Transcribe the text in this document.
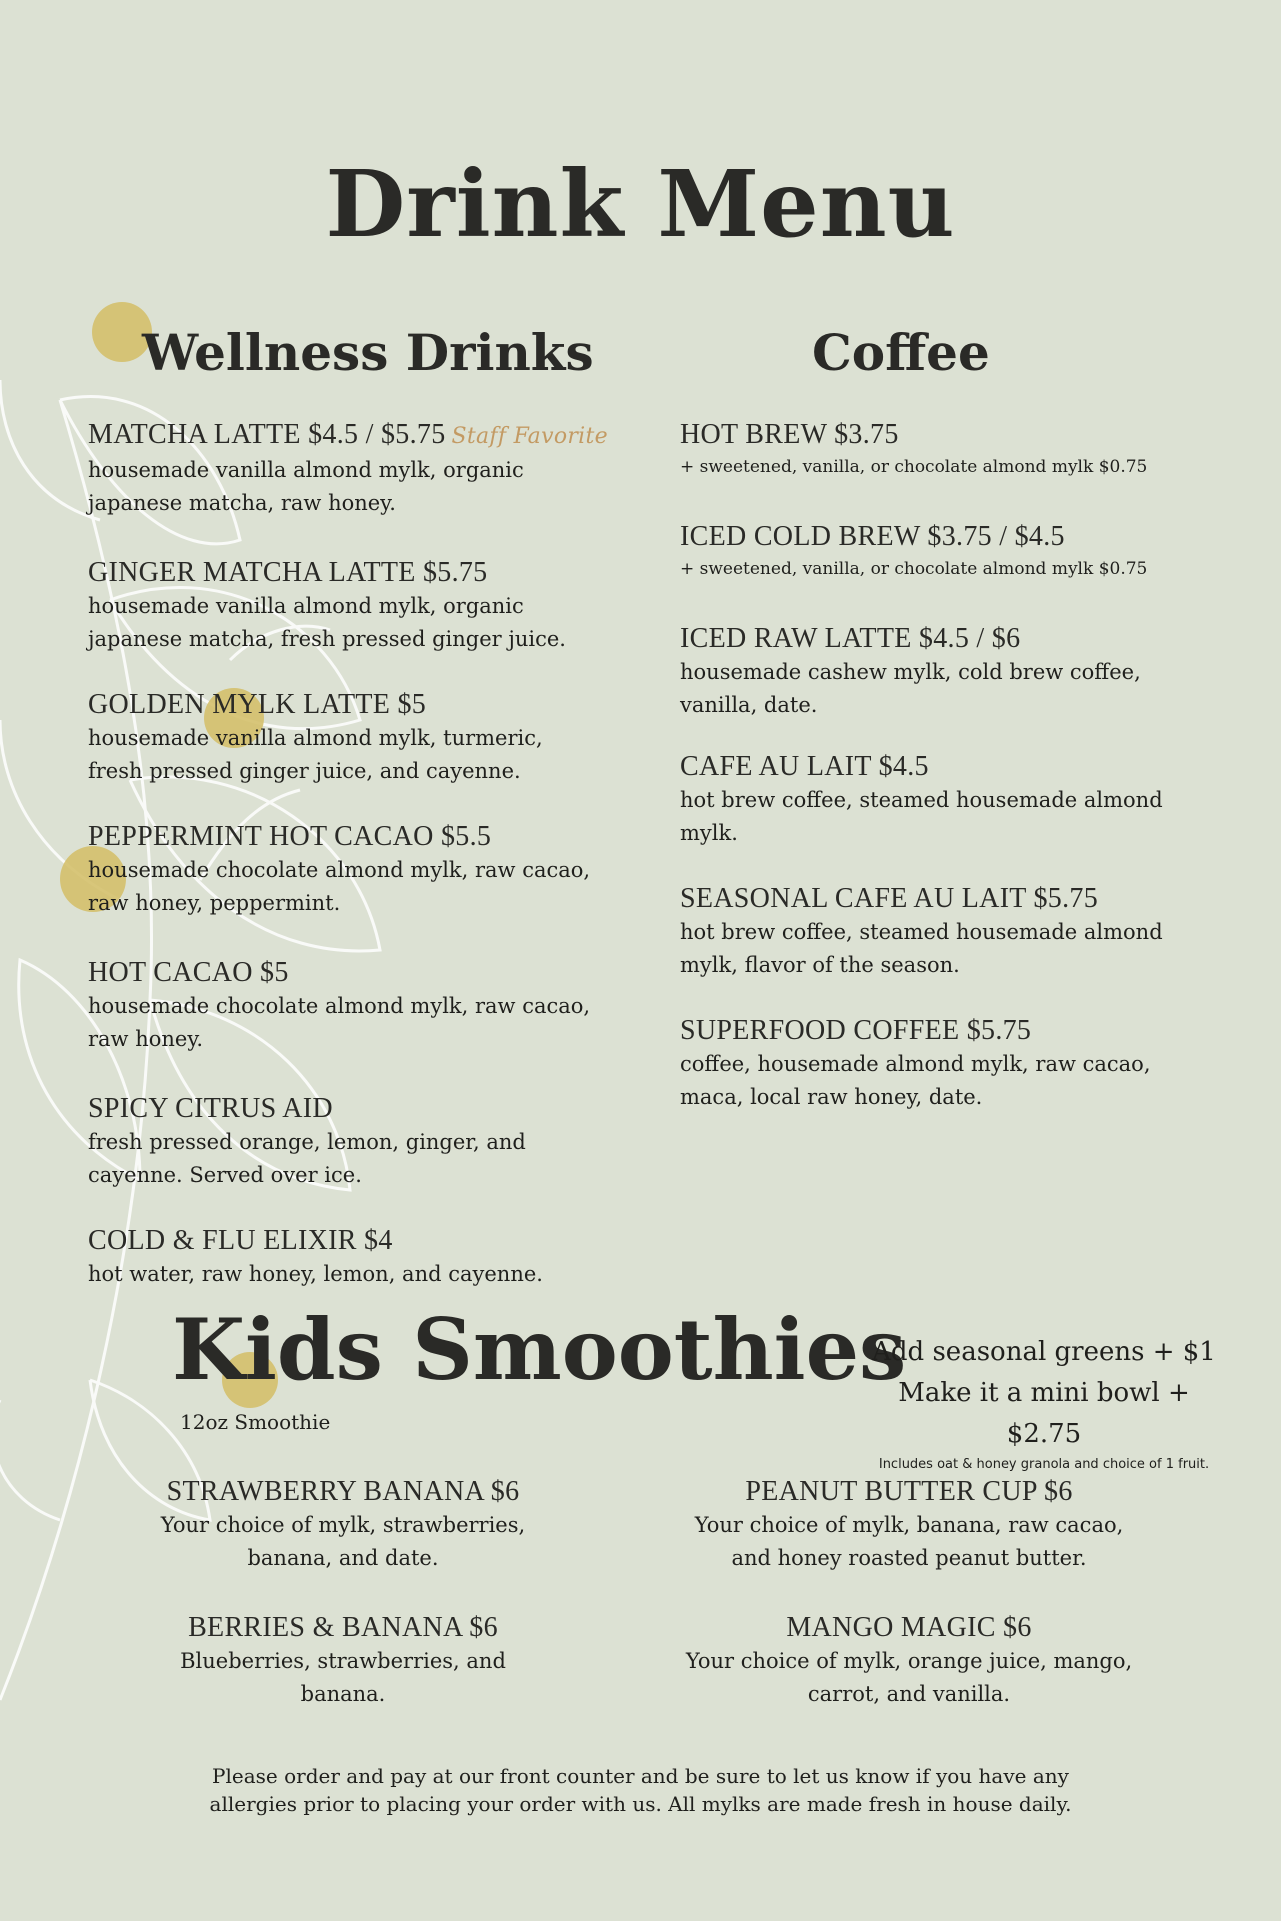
Drink Menu
Wellness Drinks	Coffee
MATCHA LATTE $4.5 / $5.75 Staff Favorite
housemade vanilla almond mylk, organic japanese matcha, raw honey.
GINGER MATCHA LATTE $5.75
housemade vanilla almond mylk, organic japanese matcha, fresh pressed ginger juice.
GOLDEN MYLK LATTE $5
housemade vanilla almond mylk, turmeric, fresh pressed ginger juice, and cayenne.
PEPPERMINT HOT CACAO $5.5
housemade chocolate almond mylk, raw cacao, raw honey, peppermint.
HOT CACAO $5
housemade chocolate almond mylk, raw cacao, raw honey.
SPICY CITRUS AID
fresh pressed orange, lemon, ginger, and cayenne. Served over ice.
COLD & FLU ELIXIR $4
hot water, raw honey, lemon, and cayenne.
HOT BREW $3.75
+ sweetened, vanilla, or chocolate almond mylk $0.75
ICED COLD BREW $3.75 / $4.5
+ sweetened, vanilla, or chocolate almond mylk $0.75
ICED RAW LATTE $4.5 / $6
housemade cashew mylk, cold brew coffee, vanilla, date.
CAFE AU LAIT $4.5
hot brew coffee, steamed housemade almond mylk.
SEASONAL CAFE AU LAIT $5.75
hot brew coffee, steamed housemade almond mylk, flavor of the season.
SUPERFOOD COFFEE $5.75
coffee, housemade almond mylk, raw cacao, maca, local raw honey, date.
Kids Smoothies
12oz Smoothie
Add seasonal greens + $1
Make it a mini bowl + $2.75
Includes oat & honey granola and choice of 1 fruit.
STRAWBERRY BANANA $6
Your choice of mylk, strawberries, banana, and date.
PEANUT BUTTER CUP $6
Your choice of mylk, banana, raw cacao, and honey roasted peanut butter.
BERRIES & BANANA $6
Blueberries, strawberries, and banana.
MANGO MAGIC $6
Your choice of mylk, orange juice, mango, carrot, and vanilla.
Please order and pay at our front counter and be sure to let us know if you have any
allergies prior to placing your order with us. All mylks are made fresh in house daily.
